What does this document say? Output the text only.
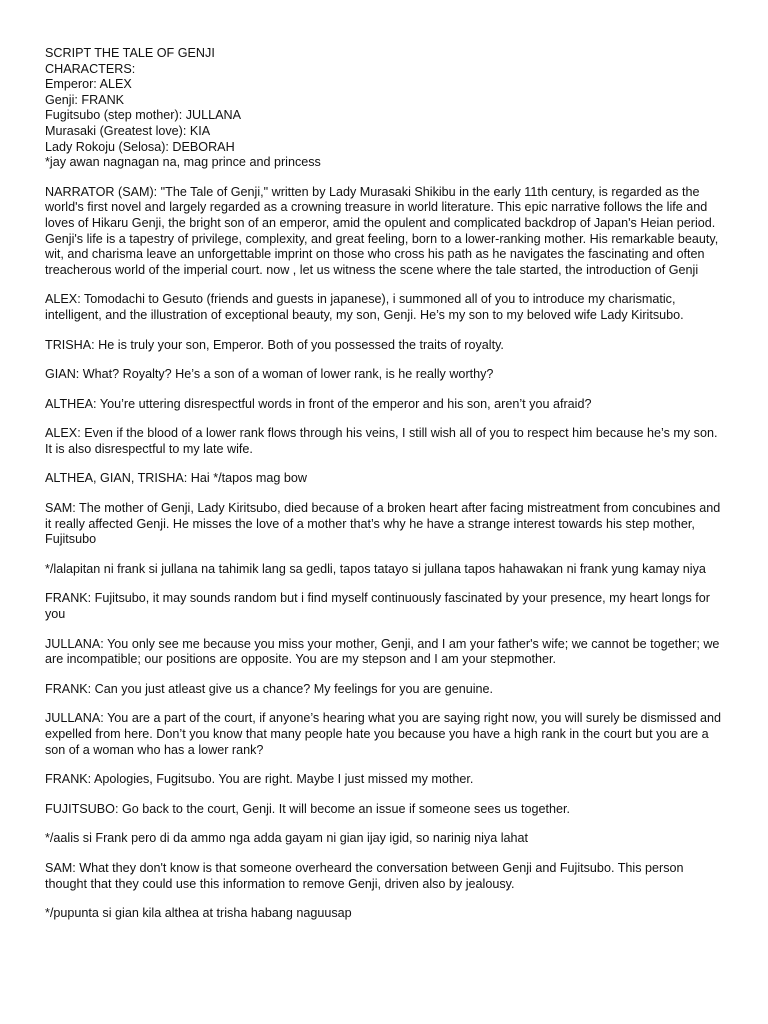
SCRIPT THE TALE OF GENJI

CHARACTERS:

Emperor: ALEX

Genji: FRANK

Fugitsubo (step mother): JULLANA

Murasaki (Greatest love): KIA

Lady Rokoju (Selosa): DEBORAH

*jay awan nagnagan na, mag prince and princess

NARRATOR (SAM): "The Tale of Genji," written by Lady Murasaki Shikibu in the early 11th century, is regarded as the world's first novel and largely regarded as a crowning treasure in world literature. This epic narrative follows the life and loves of Hikaru Genji, the bright son of an emperor, amid the opulent and complicated backdrop of Japan's Heian period. Genji's life is a tapestry of privilege, complexity, and great feeling, born to a lower-ranking mother. His remarkable beauty, wit, and charisma leave an unforgettable imprint on those who cross his path as he navigates the fascinating and often treacherous world of the imperial court. now , let us witness the scene where the tale started, the introduction of Genji

ALEX: Tomodachi to Gesuto (friends and guests in japanese), i summoned all of you to introduce my charismatic, intelligent, and the illustration of exceptional beauty, my son, Genji. He’s my son to my beloved wife Lady Kiritsubo.

TRISHA: He is truly your son, Emperor. Both of you possessed the traits of royalty.

GIAN: What? Royalty? He’s a son of a woman of lower rank, is he really worthy?

ALTHEA: You’re uttering disrespectful words in front of the emperor and his son, aren’t you afraid?

ALEX: Even if the blood of a lower rank flows through his veins, I still wish all of you to respect him because he’s my son. It is also disrespectful to my late wife.

ALTHEA, GIAN, TRISHA: Hai */tapos mag bow

SAM: The mother of Genji, Lady Kiritsubo, died because of a broken heart after facing mistreatment from concubines and it really affected Genji. He misses the love of a mother that’s why he have a strange interest towards his step mother, Fujitsubo

*/lalapitan ni frank si jullana na tahimik lang sa gedli, tapos tatayo si jullana tapos hahawakan ni frank yung kamay niya

FRANK: Fujitsubo, it may sounds random but i find myself continuously fascinated by your presence, my heart longs for you

JULLANA: You only see me because you miss your mother, Genji, and I am your father's wife; we cannot be together; we are incompatible; our positions are opposite. You are my stepson and I am your stepmother.

FRANK: Can you just atleast give us a chance? My feelings for you are genuine.

JULLANA: You are a part of the court, if anyone’s hearing what you are saying right now, you will surely be dismissed and expelled from here. Don’t you know that many people hate you because you have a high rank in the court but you are a son of a woman who has a lower rank?

FRANK: Apologies, Fugitsubo. You are right. Maybe I just missed my mother.

FUJITSUBO: Go back to the court, Genji. It will become an issue if someone sees us together.

*/aalis si Frank pero di da ammo nga adda gayam ni gian ijay igid, so narinig niya lahat

SAM: What they don't know is that someone overheard the conversation between Genji and Fujitsubo. This person thought that they could use this information to remove Genji, driven also by jealousy.

*/pupunta si gian kila althea at trisha habang naguusap
